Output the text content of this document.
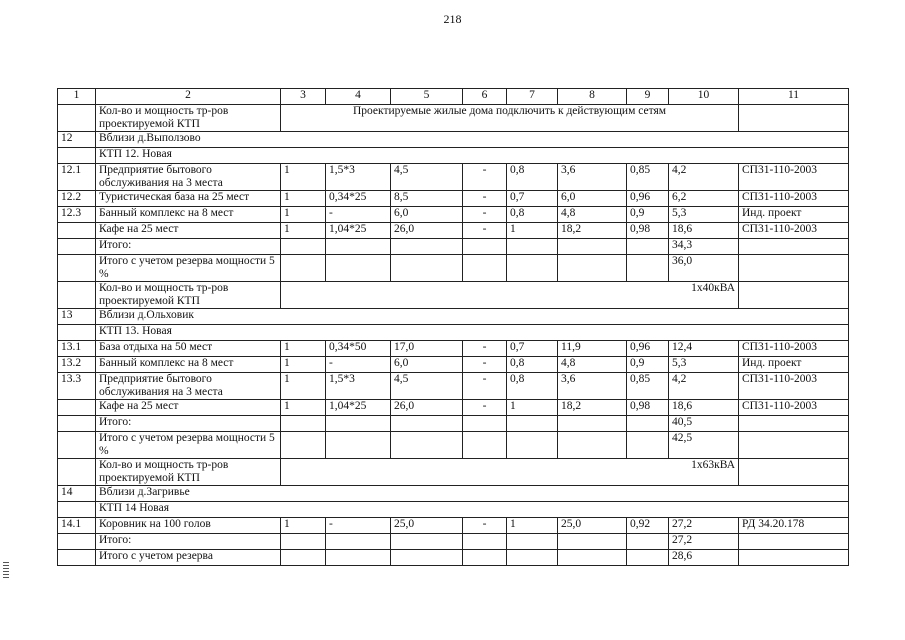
218
1	2	3	4	5	6	7	8	9	10	11
	Кол-во и мощность тр-ров проектируемой КТП	Проектируемые жилые дома подключить к действующим сетям								
12	Вблизи д.Выползово									
	КТП 12. Новая									
12.1	Предприятие бытового обслуживания на 3 места	1	1,5*3	4,5	-	0,8	3,6	0,85	4,2	СП31-110-2003
12.2	Туристическая база на 25 мест	1	0,34*25	8,5	-	0,7	6,0	0,96	6,2	СП31-110-2003
12.3	Банный комплекс на 8 мест	1	-	6,0	-	0,8	4,8	0,9	5,3	Инд. проект
	Кафе на 25 мест	1	1,04*25	26,0	-	1	18,2	0,98	18,6	СП31-110-2003
	Итого:								34,3	
	Итого с учетом резерва мощности 5 %								36,0	
	Кол-во и мощность тр-ров проектируемой КТП	1х40кВА								
13	Вблизи д.Ольховик									
	КТП 13. Новая									
13.1	База отдыха на 50 мест	1	0,34*50	17,0	-	0,7	11,9	0,96	12,4	СП31-110-2003
13.2	Банный комплекс на 8 мест	1	-	6,0	-	0,8	4,8	0,9	5,3	Инд. проект
13.3	Предприятие бытового обслуживания на 3 места	1	1,5*3	4,5	-	0,8	3,6	0,85	4,2	СП31-110-2003
	Кафе на 25 мест	1	1,04*25	26,0	-	1	18,2	0,98	18,6	СП31-110-2003
	Итого:								40,5	
	Итого с учетом резерва мощности 5 %								42,5	
	Кол-во и мощность тр-ров проектируемой КТП	1х63кВА								
14	Вблизи д.Загривье									
	КТП 14 Новая									
14.1	Коровник на 100 голов	1	-	25,0	-	1	25,0	0,92	27,2	РД 34.20.178
	Итого:								27,2	
	Итого с учетом резерва								28,6	
